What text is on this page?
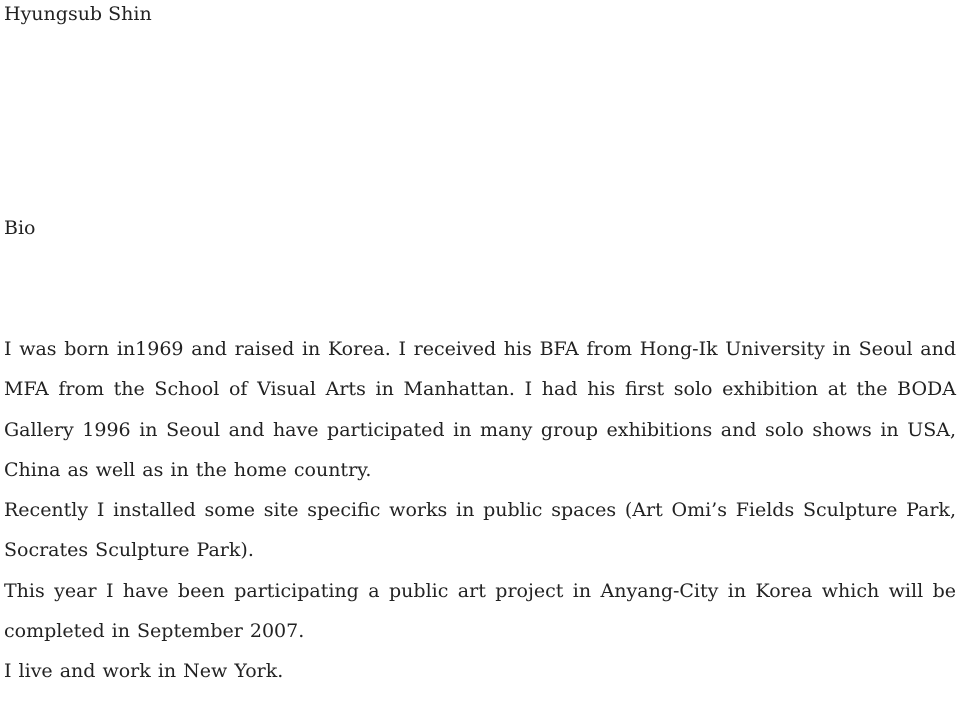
Hyungsub Shin
Bio

I was born in1969 and raised in Korea. I received his BFA from Hong-Ik University in Seoul and MFA from the School of Visual Arts in Manhattan. I had his first solo exhibition at the BODA Gallery 1996 in Seoul and have participated in many group exhibitions and solo shows in USA, China as well as in the home country.

Recently I installed some site specific works in public spaces (Art Omi’s Fields Sculpture Park, Socrates Sculpture Park).

This year I have been participating a public art project in Anyang-City in Korea which will be completed in September 2007.

I live and work in New York.
